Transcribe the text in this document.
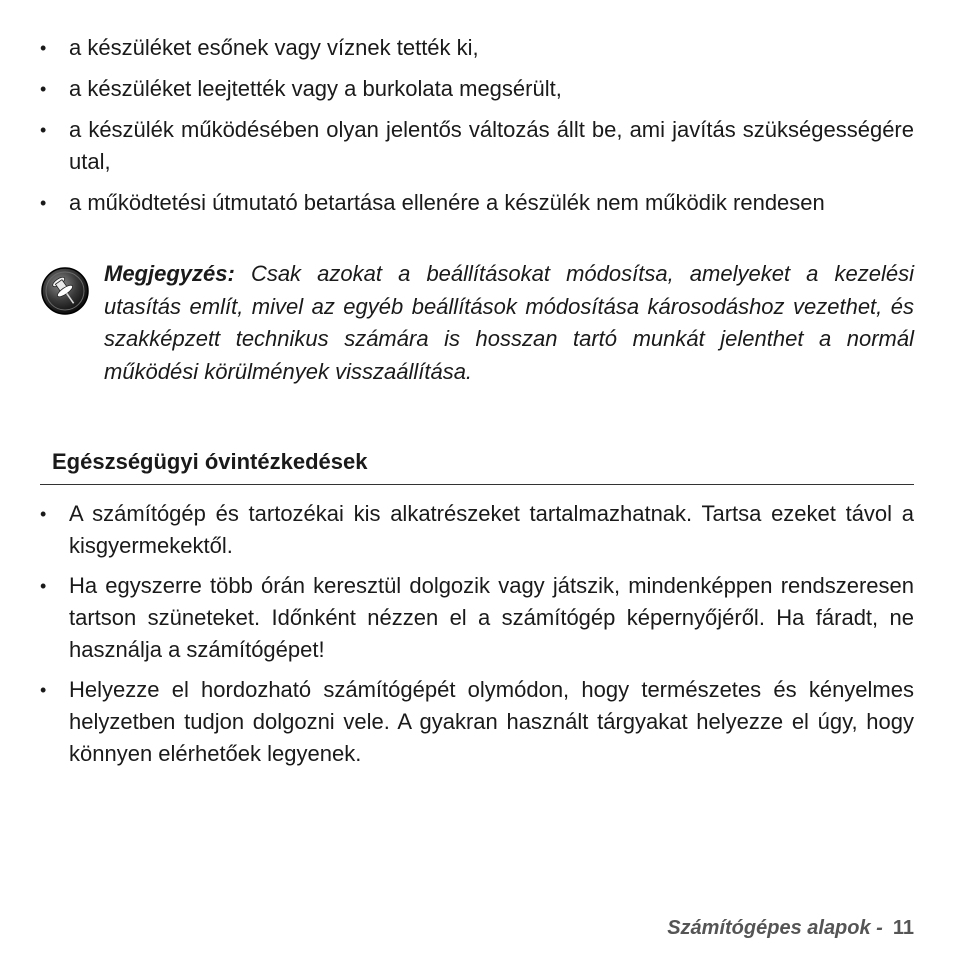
• a készüléket esőnek vagy víznek tették ki,
• a készüléket leejtették vagy a burkolata megsérült,
• a készülék működésében olyan jelentős változás állt be, ami javítás szükségességére utal,
• a működtetési útmutató betartása ellenére a készülék nem működik rendesen
Megjegyzés: Csak azokat a beállításokat módosítsa, amelyeket a kezelési utasítás említ, mivel az egyéb beállítások módosítása károsodáshoz vezethet, és szakképzett technikus számára is hosszan tartó munkát jelenthet a normál működési körülmények visszaállítása.
Egészségügyi óvintézkedések
• A számítógép és tartozékai kis alkatrészeket tartalmazhatnak. Tartsa ezeket távol a kisgyermekektől.
• Ha egyszerre több órán keresztül dolgozik vagy játszik, mindenképpen rendszeresen tartson szüneteket. Időnként nézzen el a számítógép képernyőjéről. Ha fáradt, ne használja a számítógépet!
• Helyezze el hordozható számítógépét olymódon, hogy természetes és kényelmes helyzetben tudjon dolgozni vele. A gyakran használt tárgyakat helyezze el úgy, hogy könnyen elérhetőek legyenek.
Számítógépes alapok - 11
